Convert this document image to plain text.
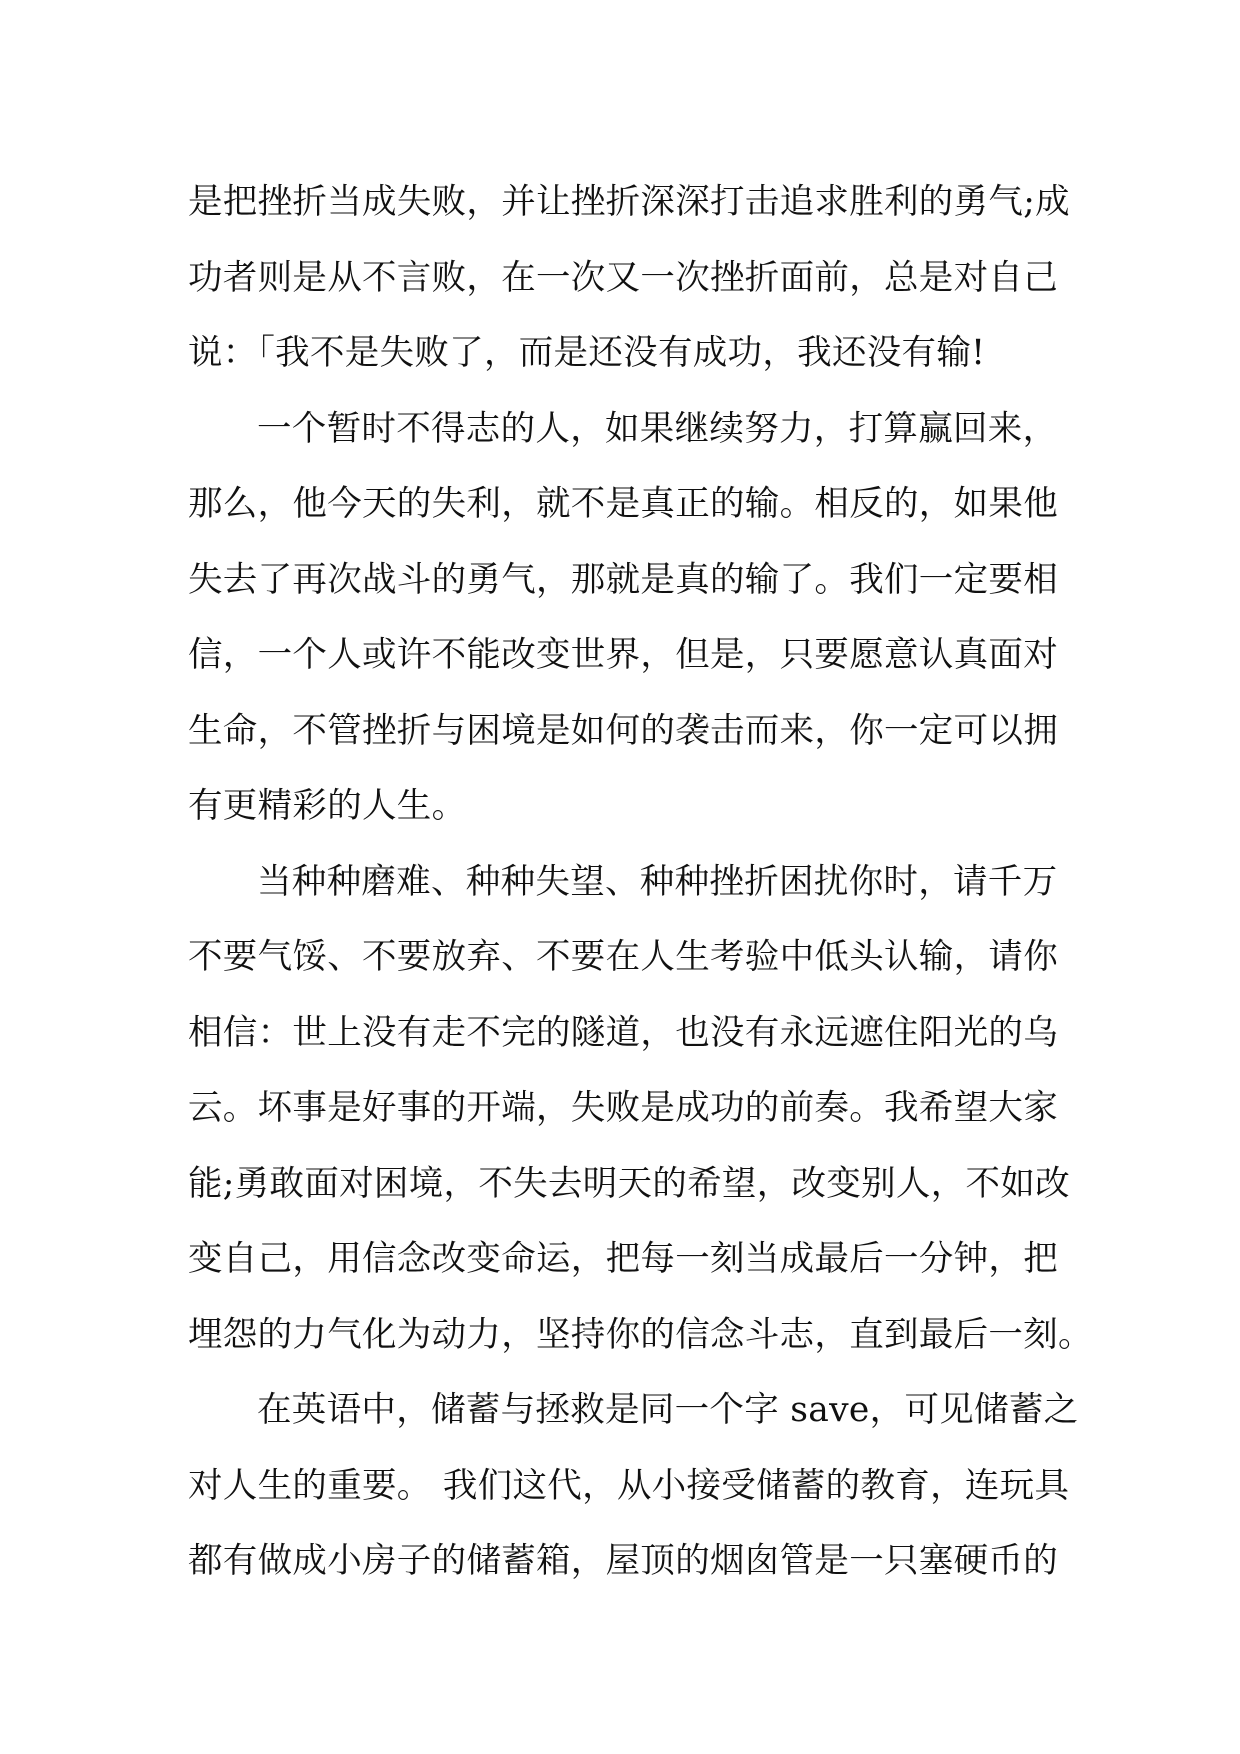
是把挫折当成失败，并让挫折深深打击追求胜利的勇气;成
功者则是从不言败，在一次又一次挫折面前，总是对自己
说：「我不是失败了，而是还没有成功，我还没有输!
一个暂时不得志的人，如果继续努力，打算赢回来，
那么，他今天的失利，就不是真正的输。相反的，如果他
失去了再次战斗的勇气，那就是真的输了。我们一定要相
信，一个人或许不能改变世界，但是，只要愿意认真面对
生命，不管挫折与困境是如何的袭击而来，你一定可以拥
有更精彩的人生。
当种种磨难、种种失望、种种挫折困扰你时，请千万
不要气馁、不要放弃、不要在人生考验中低头认输，请你
相信：世上没有走不完的隧道，也没有永远遮住阳光的乌
云。坏事是好事的开端，失败是成功的前奏。我希望大家
能;勇敢面对困境，不失去明天的希望，改变别人，不如改
变自己，用信念改变命运，把每一刻当成最后一分钟，把
埋怨的力气化为动力，坚持你的信念斗志，直到最后一刻。
在英语中，储蓄与拯救是同一个字 save，可见储蓄之
对人生的重要。 我们这代，从小接受储蓄的教育，连玩具
都有做成小房子的储蓄箱，屋顶的烟囱管是一只塞硬币的
